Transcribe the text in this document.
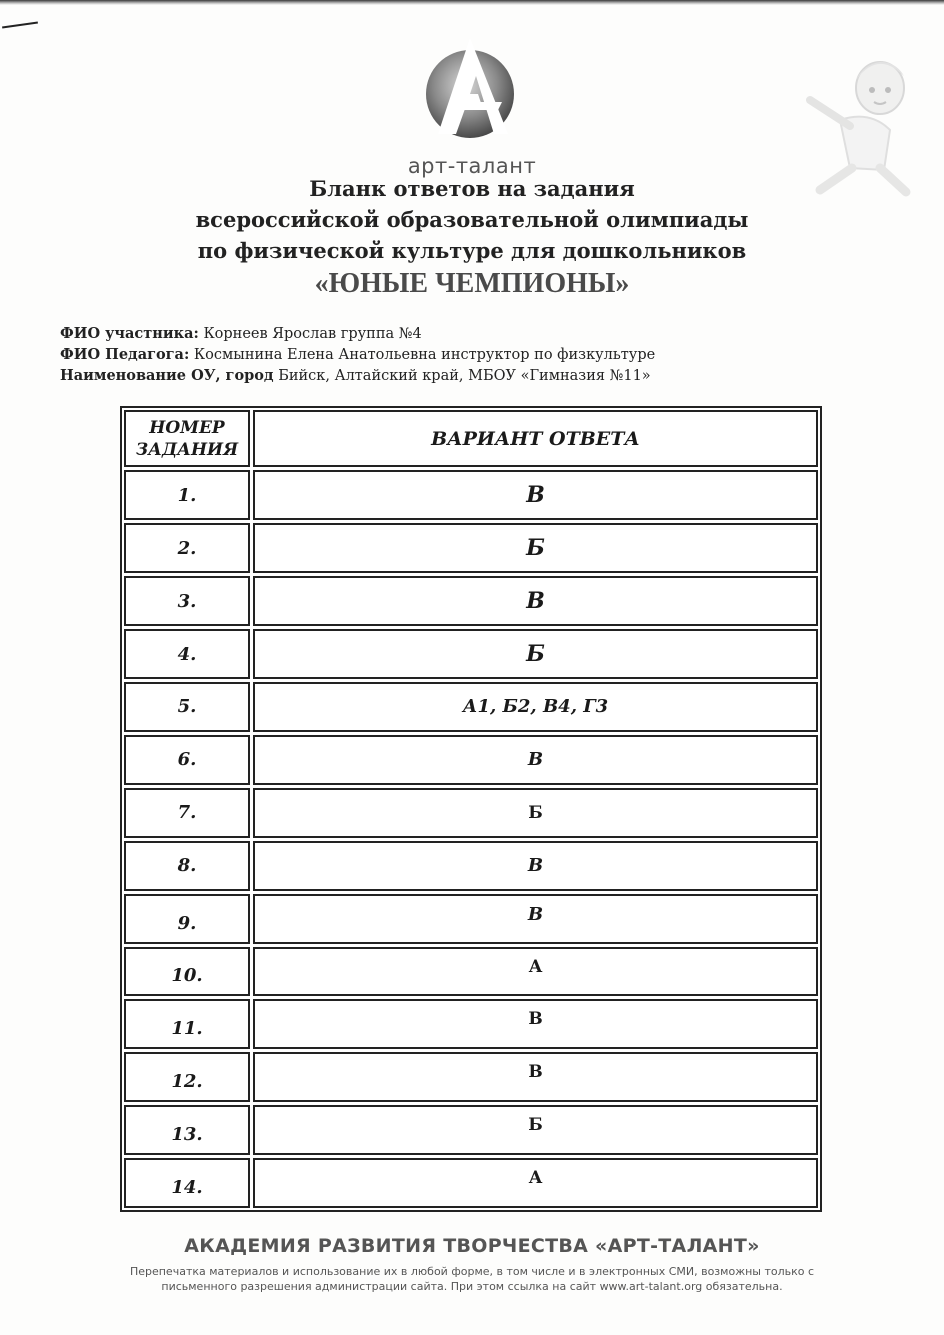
арт-талант
Бланк ответов на задания
всероссийской образовательной олимпиады
по физической культуре для дошкольников
«ЮНЫЕ ЧЕМПИОНЫ»
ФИО участника: Корнеев Ярослав группа №4
ФИО Педагога: Космынина Елена Анатольевна инструктор по физкультуре
Наименование ОУ, город Бийск, Алтайский край, МБОУ «Гимназия №11»
НОМЕР
ЗАДАНИЯ	ВАРИАНТ ОТВЕТА
1.	В
2.	Б
3.	В
4.	Б
5.	А1, Б2, В4, Г3
6.	В
7.	Б
8.	В
9.	В
10.	А
11.	В
12.	В
13.	Б
14.	А
АКАДЕМИЯ РАЗВИТИЯ ТВОРЧЕСТВА «АРТ-ТАЛАНТ»
Перепечатка материалов и использование их в любой форме, в том числе и в электронных СМИ, возможны только с
письменного разрешения администрации сайта. При этом ссылка на сайт www.art-talant.org обязательна.
